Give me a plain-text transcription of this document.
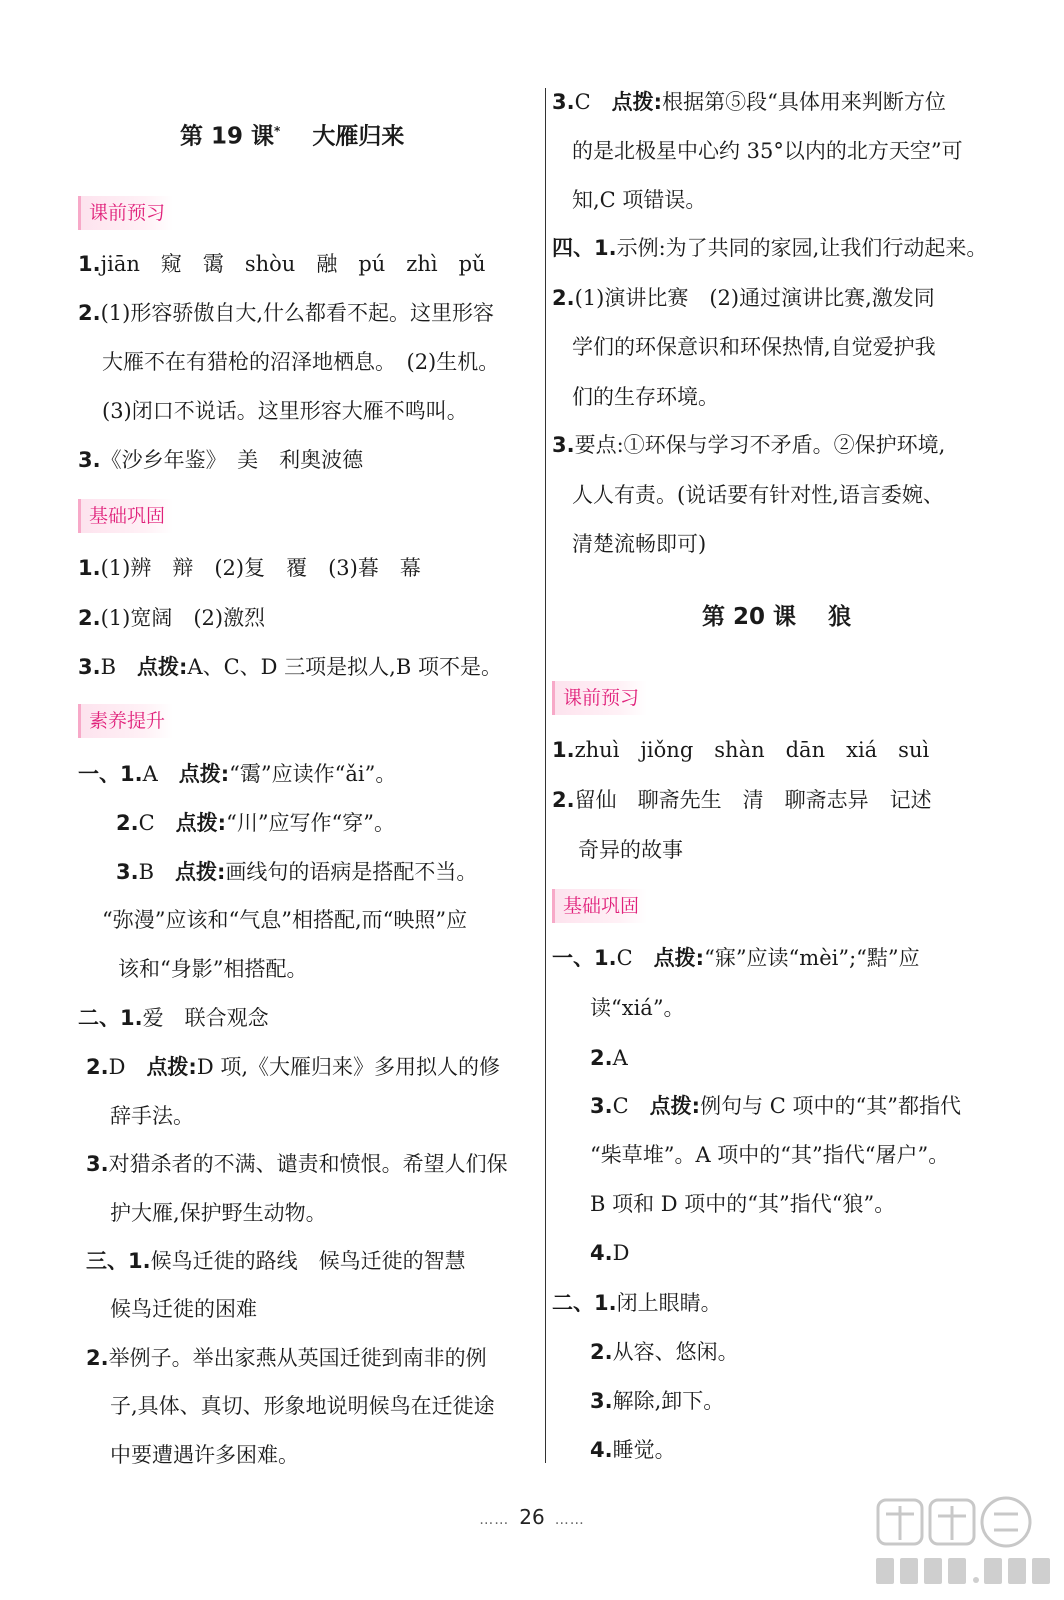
第 19 课* 大雁归来
课前预习
1.jiān　窥　霭　shòu　融　pú　zhì　pǔ
2.(1)形容骄傲自大,什么都看不起。这里形容
大雁不在有猎枪的沼泽地栖息。　(2)生机。
(3)闭口不说话。这里形容大雁不鸣叫。
3.《沙乡年鉴》　美　利奥波德
基础巩固
1.(1)辨　辩　(2)复　覆　(3)暮　幕
2.(1)宽阔　(2)激烈
3.B　点拨:A、C、D 三项是拟人,B 项不是。
素养提升
一、1.A　点拨:“霭”应读作“ǎi”。
2.C　点拨:“川”应写作“穿”。
3.B　点拨:画线句的语病是搭配不当。
“弥漫”应该和“气息”相搭配,而“映照”应
该和“身影”相搭配。
二、1.爱　联合观念
2.D　点拨:D 项,《大雁归来》多用拟人的修
辞手法。
3.对猎杀者的不满、谴责和愤恨。希望人们保
护大雁,保护野生动物。
三、1.候鸟迁徙的路线　候鸟迁徙的智慧
候鸟迁徙的困难
2.举例子。举出家燕从英国迁徙到南非的例
子,具体、真切、形象地说明候鸟在迁徙途
中要遭遇许多困难。
3.C　点拨:根据第⑤段“具体用来判断方位
的是北极星中心约 35°以内的北方天空”可
知,C 项错误。
四、1.示例:为了共同的家园,让我们行动起来。
2.(1)演讲比赛　(2)通过演讲比赛,激发同
学们的环保意识和环保热情,自觉爱护我
们的生存环境。
3.要点:①环保与学习不矛盾。②保护环境,
人人有责。(说话要有针对性,语言委婉、
清楚流畅即可)
第 20 课 狼
课前预习
1.zhuì　jiǒng　shàn　dān　xiá　suì
2.留仙　聊斋先生　清　聊斋志异　记述
奇异的故事
基础巩固
一、1.C　点拨:“寐”应读“mèi”;“黠”应
读“xiá”。
2.A
3.C　点拨:例句与 C 项中的“其”都指代
“柴草堆”。A 项中的“其”指代“屠户”。
B 项和 D 项中的“其”指代“狼”。
4.D
二、1.闭上眼睛。
2.从容、悠闲。
3.解除,卸下。
4.睡觉。
…… 26 ……
